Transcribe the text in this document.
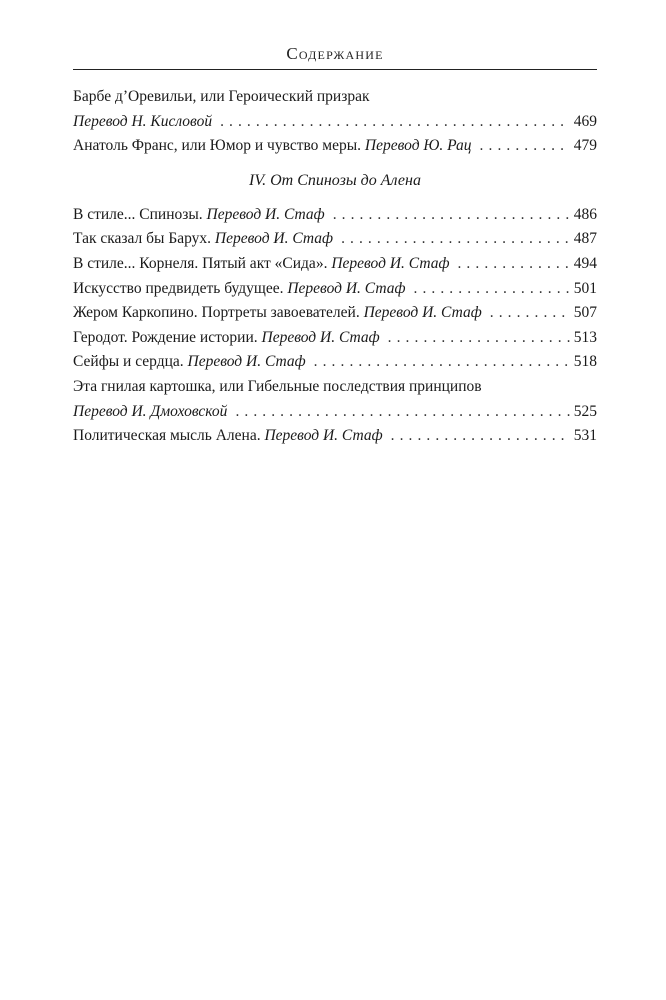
Содержание
Барбе д’Оревильи, или Героический призрак
Перевод Н. Кисловой . . .	469
Анатоль Франс, или Юмор и чувство меры. Перевод Ю. Рац . . .	479
IV. От Спинозы до Алена
В стиле... Спинозы. Перевод И. Стаф . . .	486
Так сказал бы Барух. Перевод И. Стаф . . .	487
В стиле... Корнеля. Пятый акт «Сида». Перевод И. Стаф . . .	494
Искусство предвидеть будущее. Перевод И. Стаф . . .	501
Жером Каркопино. Портреты завоевателей. Перевод И. Стаф . . .	507
Геродот. Рождение истории. Перевод И. Стаф . . .	513
Сейфы и сердца. Перевод И. Стаф . . .	518
Эта гнилая картошка, или Гибельные последствия принципов
Перевод И. Дмоховской . . .	525
Политическая мысль Алена. Перевод И. Стаф . . .	531
